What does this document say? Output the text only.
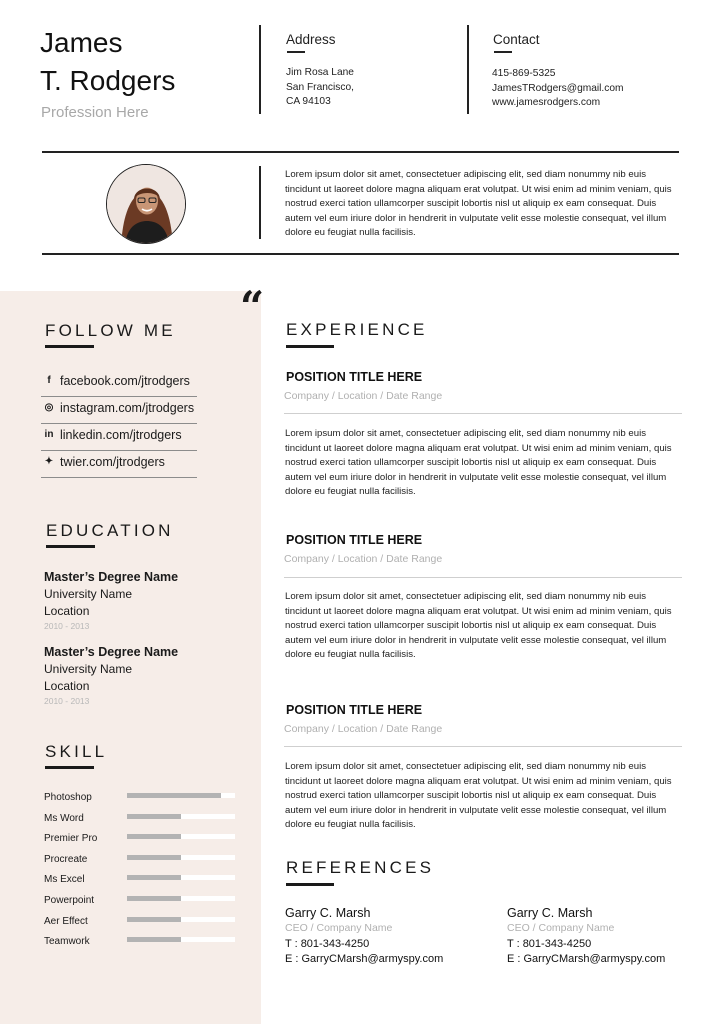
James
T. Rodgers
Profession Here
Address
Jim Rosa Lane
San Francisco,
CA 94103
Contact
415-869-5325
JamesTRodgers@gmail.com
www.jamesrodgers.com
Lorem ipsum dolor sit amet, consectetuer adipiscing elit, sed diam nonummy nib euis tincidunt ut laoreet dolore magna aliquam erat volutpat. Ut wisi enim ad minim veniam, quis nostrud exerci tation ullamcorper suscipit lobortis nisl ut aliquip ex eam consequat. Duis autem vel eum iriure dolor in hendrerit in vulputate velit esse molestie consequat, vel illum dolore eu feugiat nulla facilisis.
“
FOLLOW ME
f facebook.com/jtrodgers
◎ instagram.com/jtrodgers
in linkedin.com/jtrodgers
✦ twier.com/jtrodgers
EDUCATION
Master’s Degree Name
University Name
Location
2010 - 2013
Master’s Degree Name
University Name
Location
2010 - 2013
SKILL
Photoshop
Ms Word
Premier Pro
Procreate
Ms Excel
Powerpoint
Aer Effect
Teamwork
EXPERIENCE
POSITION TITLE HERE
Company / Location / Date Range
Lorem ipsum dolor sit amet, consectetuer adipiscing elit, sed diam nonummy nib euis tincidunt ut laoreet dolore magna aliquam erat volutpat. Ut wisi enim ad minim veniam, quis nostrud exerci tation ullamcorper suscipit lobortis nisl ut aliquip ex eam consequat. Duis autem vel eum iriure dolor in hendrerit in vulputate velit esse molestie consequat, vel illum dolore eu feugiat nulla facilisis.
POSITION TITLE HERE
Company / Location / Date Range
Lorem ipsum dolor sit amet, consectetuer adipiscing elit, sed diam nonummy nib euis tincidunt ut laoreet dolore magna aliquam erat volutpat. Ut wisi enim ad minim veniam, quis nostrud exerci tation ullamcorper suscipit lobortis nisl ut aliquip ex eam consequat. Duis autem vel eum iriure dolor in hendrerit in vulputate velit esse molestie consequat, vel illum dolore eu feugiat nulla facilisis.
POSITION TITLE HERE
Company / Location / Date Range
Lorem ipsum dolor sit amet, consectetuer adipiscing elit, sed diam nonummy nib euis tincidunt ut laoreet dolore magna aliquam erat volutpat. Ut wisi enim ad minim veniam, quis nostrud exerci tation ullamcorper suscipit lobortis nisl ut aliquip ex eam consequat. Duis autem vel eum iriure dolor in hendrerit in vulputate velit esse molestie consequat, vel illum dolore eu feugiat nulla facilisis.
REFERENCES
Garry C. Marsh
CEO / Company Name
T : 801-343-4250
E : GarryCMarsh@armyspy.com
Garry C. Marsh
CEO / Company Name
T : 801-343-4250
E : GarryCMarsh@armyspy.com
